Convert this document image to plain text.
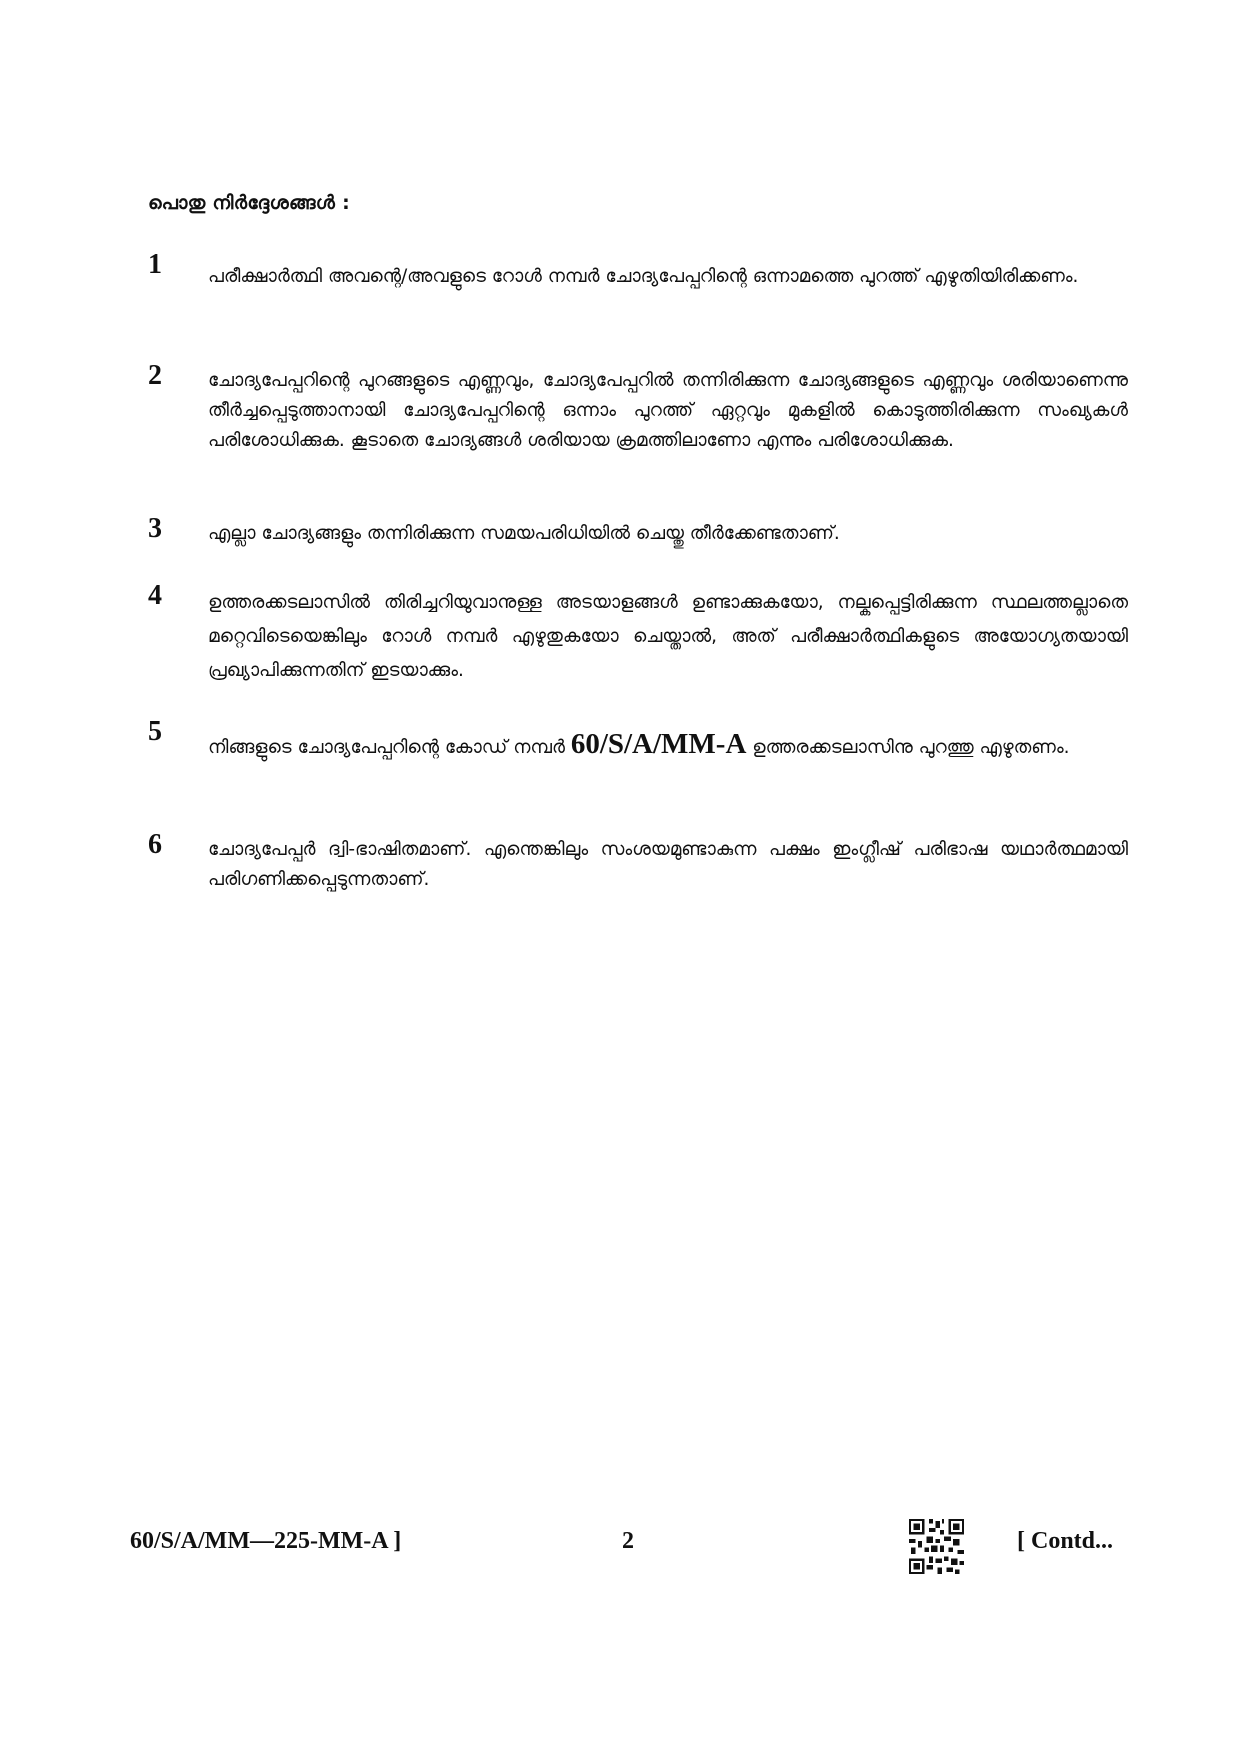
പൊതു നിർദ്ദേശങ്ങൾ :
1 പരീക്ഷാർത്ഥി അവന്റെ/അവളുടെ റോൾ നമ്പർ ചോദ്യപേപ്പറിന്റെ ഒന്നാമത്തെ പുറത്ത് എഴുതിയിരിക്കണം.
2 ചോദ്യപേപ്പറിന്റെ പുറങ്ങളുടെ എണ്ണവും, ചോദ്യപേപ്പറിൽ തന്നിരിക്കുന്ന ചോദ്യങ്ങളുടെ എണ്ണവും ശരിയാണെന്നു തീർച്ചപ്പെടുത്താനായി ചോദ്യപേപ്പറിന്റെ ഒന്നാം പുറത്ത് ഏറ്റവും മുകളിൽ കൊടുത്തിരിക്കുന്ന സംഖ്യകൾ പരിശോധിക്കുക. കൂടാതെ ചോദ്യങ്ങൾ ശരിയായ ക്രമത്തിലാണോ എന്നും പരിശോധിക്കുക.
3 എല്ലാ ചോദ്യങ്ങളും തന്നിരിക്കുന്ന സമയപരിധിയിൽ ചെയ്തു തീർക്കേണ്ടതാണ്.
4 ഉത്തരക്കടലാസിൽ തിരിച്ചറിയുവാനുള്ള അടയാളങ്ങൾ ഉണ്ടാക്കുകയോ, നല്കപ്പെട്ടിരിക്കുന്ന സ്ഥലത്തല്ലാതെ മറ്റെവിടെയെങ്കിലും റോൾ നമ്പർ എഴുതുകയോ ചെയ്താൽ, അത് പരീക്ഷാർത്ഥികളുടെ അയോഗ്യതയായി പ്രഖ്യാപിക്കുന്നതിന് ഇടയാക്കും.
5
നിങ്ങളുടെ ചോദ്യപേപ്പറിന്റെ കോഡ് നമ്പർ 60/S/A/MM-A ഉത്തരക്കടലാസിനു പുറത്തു എഴുതണം.
6 ചോദ്യപേപ്പർ ദ്വി-ഭാഷിതമാണ്. എന്തെങ്കിലും സംശയമുണ്ടാകുന്ന പക്ഷം ഇംഗ്ലീഷ് പരിഭാഷ യഥാർത്ഥമായി പരിഗണിക്കപ്പെടുന്നതാണ്.
60/S/A/MM—225-MM-A ]	2	[ Contd...
